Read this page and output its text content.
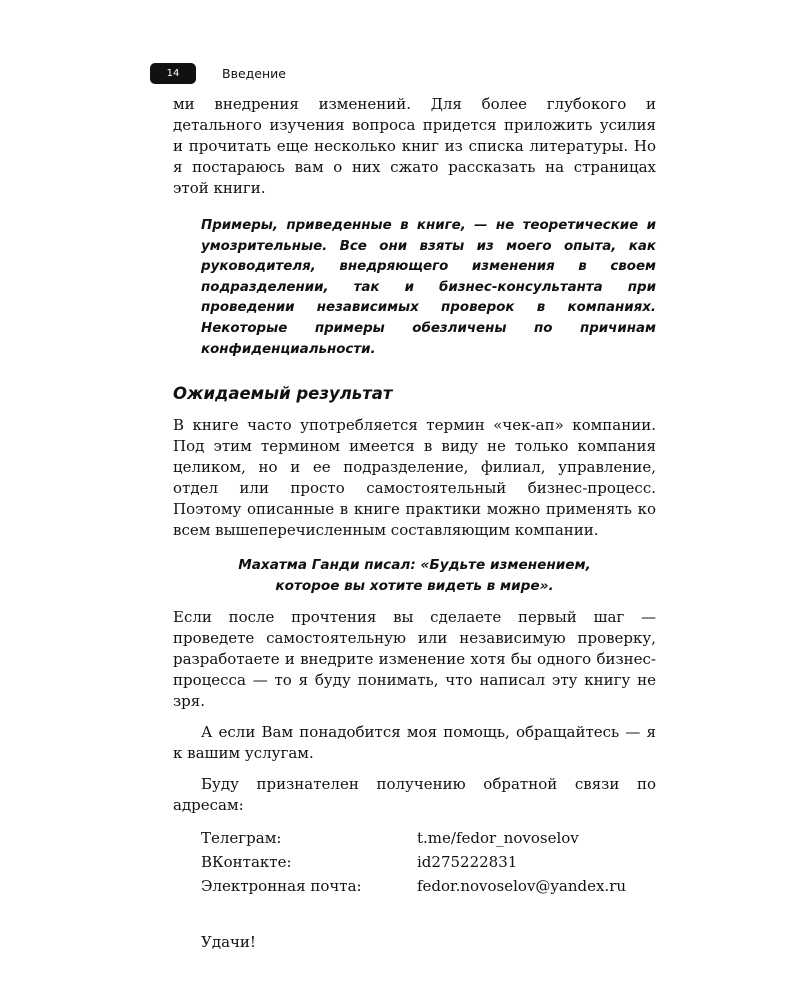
14	Введение

ми внедрения изменений. Для более глубокого и детального изучения вопроса придется приложить усилия и прочитать еще несколько книг из списка литературы. Но я постараюсь вам о них сжато рассказать на страницах этой книги.

Примеры, приведенные в книге, — не теоретические и умозрительные. Все они взяты из моего опыта, как руководителя, внедряющего изменения в своем подразделении, так и бизнес-консультанта при проведении независимых проверок в компаниях. Некоторые примеры обезличены по причинам конфиденциальности.
Ожидаемый результат

В книге часто употребляется термин «чек-ап» компании. Под этим термином имеется в виду не только компания целиком, но и ее подразделение, филиал, управление, отдел или просто самостоятельный бизнес-процесс. Поэтому описанные в книге практики можно применять ко всем вышеперечисленным составляющим компании.

Махатма Ганди писал: «Будьте изменением,
которое вы хотите видеть в мире».

Если после прочтения вы сделаете первый шаг — проведете самостоятельную или независимую проверку, разработаете и внедрите изменение хотя бы одного бизнес-процесса — то я буду понимать, что написал эту книгу не зря.

А если Вам понадобится моя помощь, обращайтесь — я к вашим услугам.

Буду признателен получению обратной связи по адресам:

Телеграм:	t.me/fedor_novoselov
ВКонтакте:	id275222831
Электронная почта:	fedor.novoselov@yandex.ru

Удачи!
